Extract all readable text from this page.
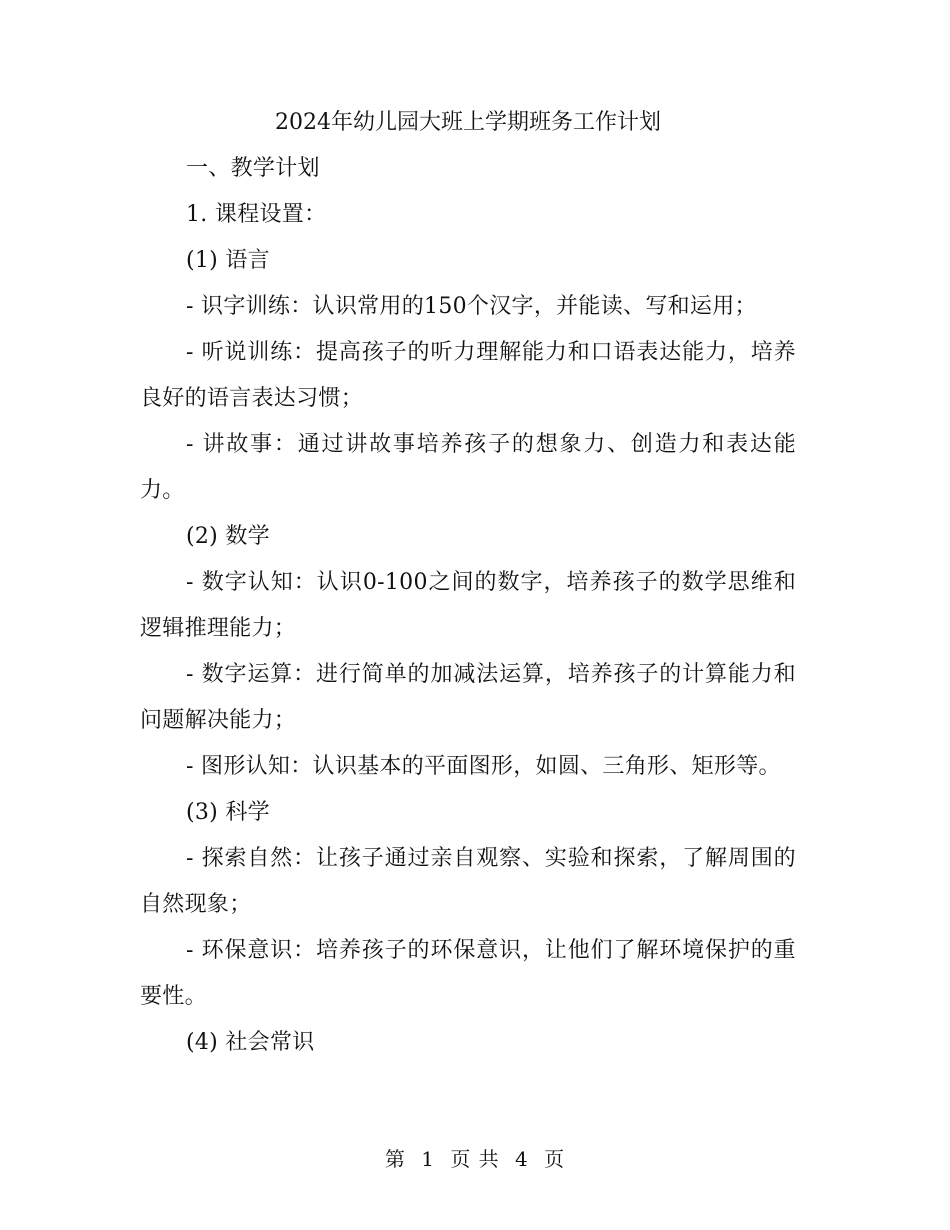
2024年幼儿园大班上学期班务工作计划

一、教学计划

1. 课程设置：

(1) 语言

- 识字训练：认识常用的150个汉字，并能读、写和运用；

- 听说训练：提高孩子的听力理解能力和口语表达能力，培养良好的语言表达习惯；

- 讲故事：通过讲故事培养孩子的想象力、创造力和表达能力。

(2) 数学

- 数字认知：认识0-100之间的数字，培养孩子的数学思维和逻辑推理能力；

- 数字运算：进行简单的加减法运算，培养孩子的计算能力和问题解决能力；

- 图形认知：认识基本的平面图形，如圆、三角形、矩形等。

(3) 科学

- 探索自然：让孩子通过亲自观察、实验和探索，了解周围的自然现象；

- 环保意识：培养孩子的环保意识，让他们了解环境保护的重要性。

(4) 社会常识

第 1 页 共 4 页
